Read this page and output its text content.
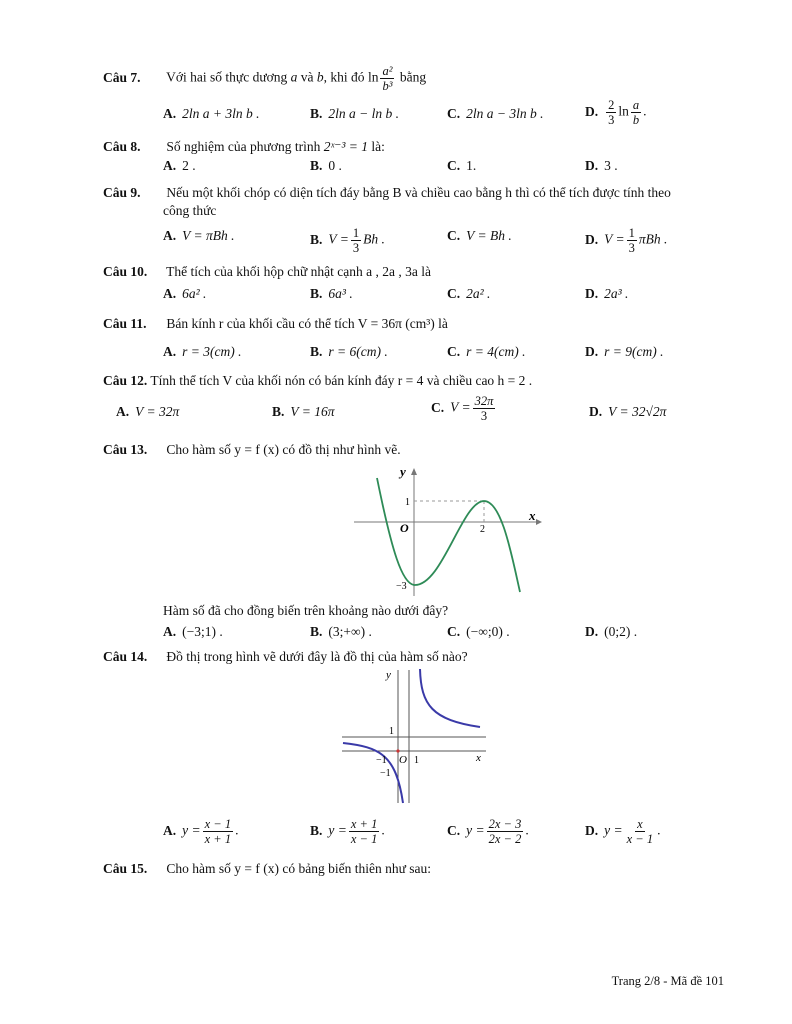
Câu 7. Với hai số thực dương a và b, khi đó $\ln \frac{\text{a²}}{\text{b³}}$ bằng
A. 2ln a + 3ln b .	B. 2ln a − ln b .	C. 2ln a − 3ln b .	D. $\frac{2}{3}$ $\ln \frac{a}{b}$ .
Câu 8. Số nghiệm của phương trình 2ˣ⁻³ = 1 là:
A. 2 .	B. 0 .	C. 1.	D. 3 .
Câu 9. Nếu một khối chóp có diện tích đáy bằng B và chiều cao bằng h thì có thể tích được tính theo
công thức
A. V = πBh .	B. $V = \frac{1}{3}$ Bh .	C. V = Bh .	D. $V = \frac{1}{3}$ πBh .
Câu 10. Thể tích của khối hộp chữ nhật cạnh a , 2a , 3a là
A. 6a² .	B. 6a³ .	C. 2a² .	D. 2a³ .
Câu 11. Bán kính r của khối cầu có thể tích V = 36π (cm³) là
A. r = 3(cm) .	B. r = 6(cm) .	C. r = 4(cm) .	D. r = 9(cm) .
Câu 12. Tính thể tích V của khối nón có bán kính đáy r = 4 và chiều cao h = 2 .
A. V = 32π	B. V = 16π	C. $V = \frac{32\pi}{3}$	D. V = 32√2π
Câu 13. Cho hàm số y = f (x) có đồ thị như hình vẽ.
y
x
O
1
2
−3
Hàm số đã cho đồng biến trên khoảng nào dưới đây?
A. (−3;1) .	B. (3;+∞) .	C. (−∞;0) .	D. (0;2) .
Câu 14. Đồ thị trong hình vẽ dưới đây là đồ thị của hàm số nào?
y
x
O
1
−1	1
−1
A. $y = \frac{x - 1}{x + 1}$ .	B. $y = \frac{x + 1}{x - 1}$ .	C. $y = \frac{2x - 3}{2x - 2}$ .	D. $y = \frac{x}{x - 1}$ .
Câu 15. Cho hàm số y = f (x) có bảng biến thiên như sau:
Trang 2/8 - Mã đề 101
